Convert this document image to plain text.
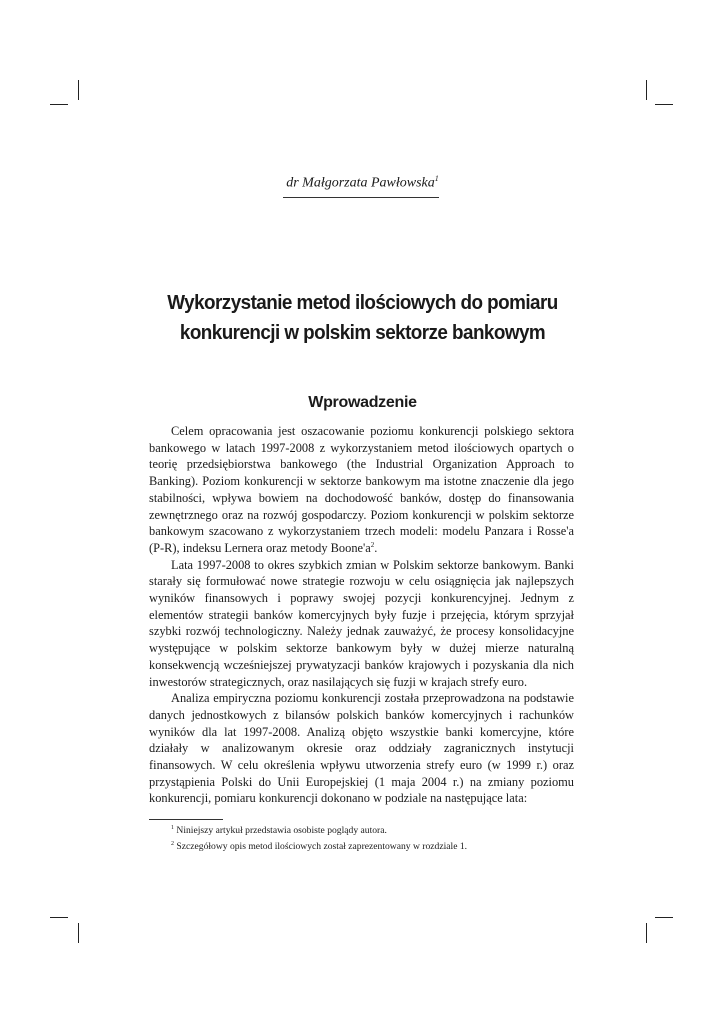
dr Małgorzata Pawłowska$^1$
Wykorzystanie metod ilościowych do pomiaru
konkurencji w polskim sektorze bankowym
Wprowadzenie

Celem opracowania jest oszacowanie poziomu konkurencji polskiego sektora bankowego w latach 1997-2008 z wykorzystaniem metod ilościowych opartych o teorię przedsiębiorstwa bankowego (the Industrial Organization Approach to Banking). Poziom konkurencji w sektorze bankowym ma istotne znaczenie dla jego stabilności, wpływa bowiem na dochodowość banków, dostęp do finansowania zewnętrznego oraz na rozwój gospodarczy. Poziom konkurencji w polskim sektorze bankowym szacowano z wykorzystaniem trzech modeli: modelu Panzara i Rosse'a (P-R), indeksu Lernera oraz metody $Boone'a^2$.

Lata 1997-2008 to okres szybkich zmian w Polskim sektorze bankowym. Banki starały się formułować nowe strategie rozwoju w celu osiągnięcia jak najlepszych wyników finansowych i poprawy swojej pozycji konkurencyjnej. Jednym z elementów strategii banków komercyjnych były fuzje i przejęcia, którym sprzyjał szybki rozwój technologiczny. Należy jednak zauważyć, że procesy konsolidacyjne występujące w polskim sektorze bankowym były w dużej mierze naturalną konsekwencją wcześniejszej prywatyzacji banków krajowych i pozyskania dla nich inwestorów strategicznych, oraz nasilających się fuzji w krajach strefy euro.

Analiza empiryczna poziomu konkurencji została przeprowadzona na podstawie danych jednostkowych z bilansów polskich banków komercyjnych i rachunków wyników dla lat 1997-2008. Analizą objęto wszystkie banki komercyjne, które działały w analizowanym okresie oraz oddziały zagranicznych instytucji finansowych. W celu określenia wpływu utworzenia strefy euro (w 1999 r.) oraz przystąpienia Polski do Unii Europejskiej (1 maja 2004 r.) na zmiany poziomu konkurencji, pomiaru konkurencji dokonano w podziale na następujące lata:

$^1$ Niniejszy artykuł przedstawia osobiste poglądy autora.
$^2$ Szczegółowy opis metod ilościowych został zaprezentowany w rozdziale 1.
